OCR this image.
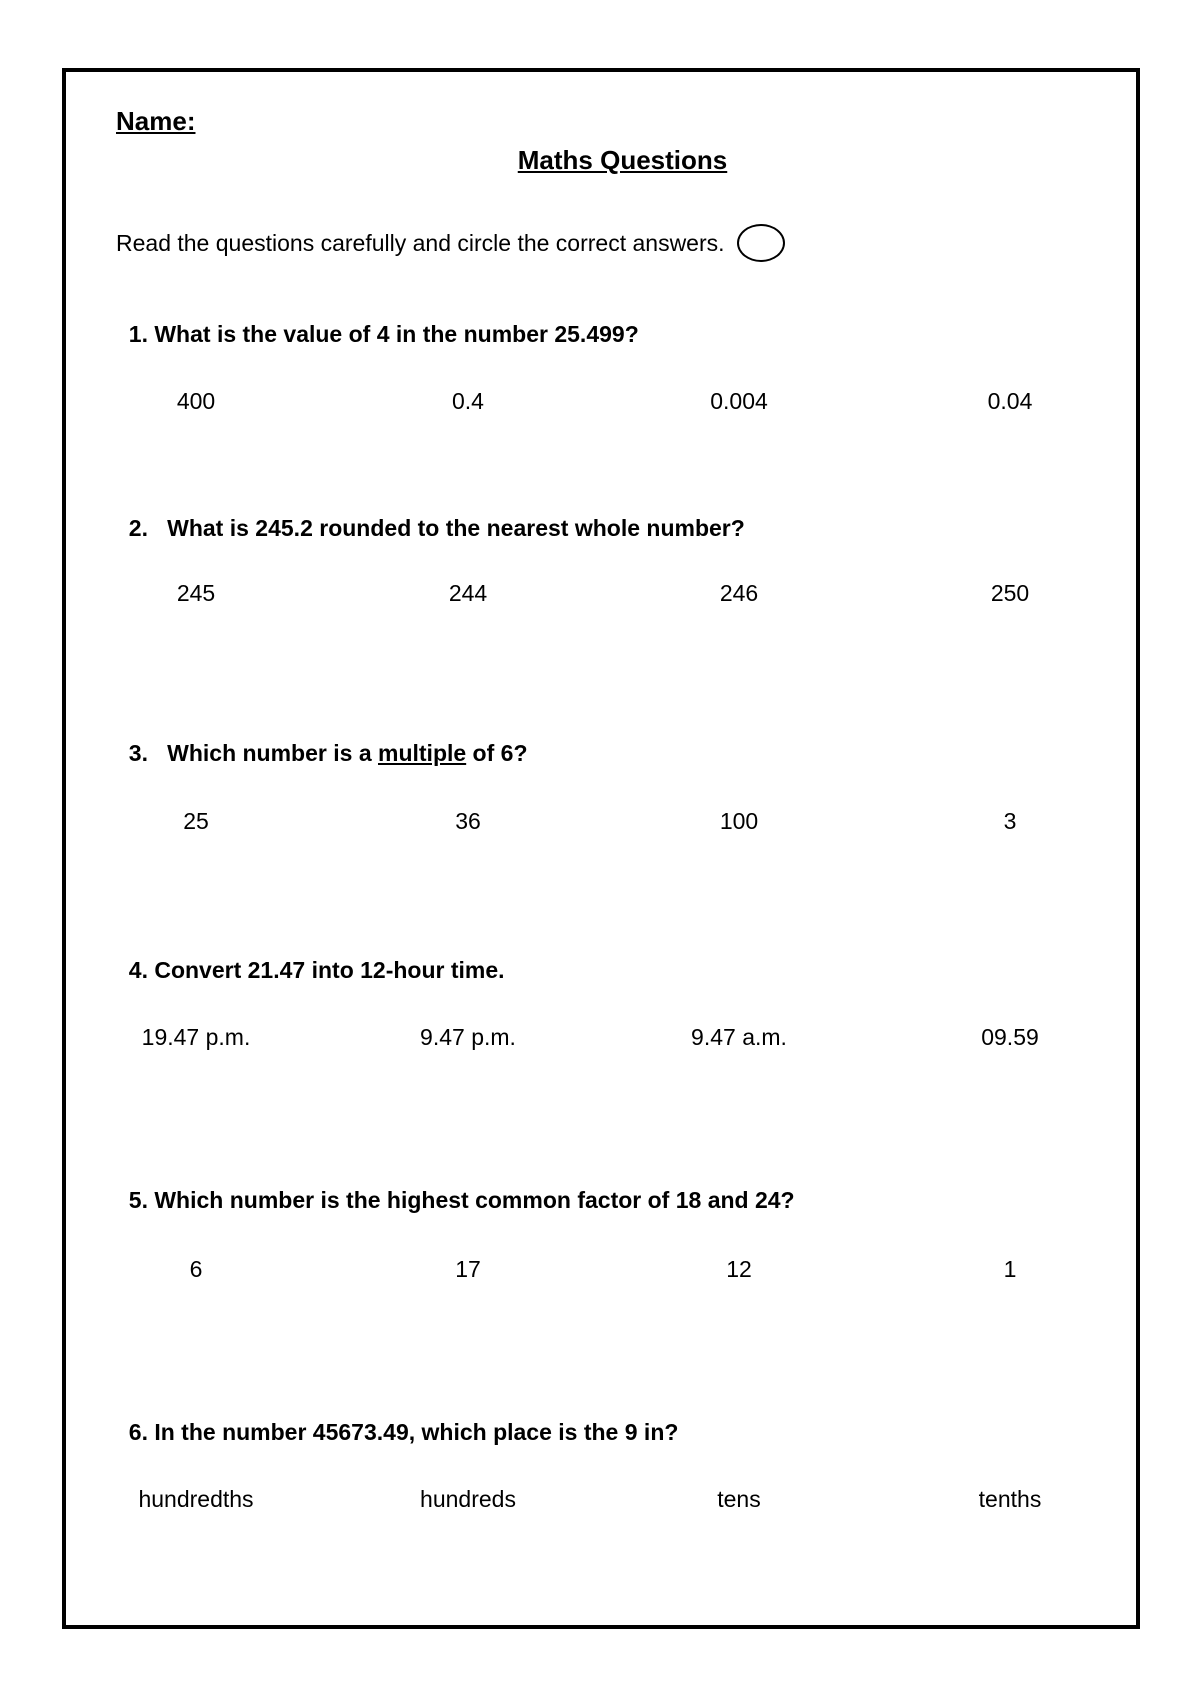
Name:
Maths Questions
Read the questions carefully and circle the correct answers.

1. What is the value of 4 in the number 25.499?

400	0.4	0.004	0.04

2.   What is 245.2 rounded to the nearest whole number?

245	244	246	250

3.   Which number is a multiple of 6?

25	36	100	3

4. Convert 21.47 into 12-hour time.

19.47 p.m.	9.47 p.m.	9.47 a.m.	09.59

5. Which number is the highest common factor of 18 and 24?

6	17	12	1

6. In the number 45673.49, which place is the 9 in?

hundredths	hundreds	tens	tenths
